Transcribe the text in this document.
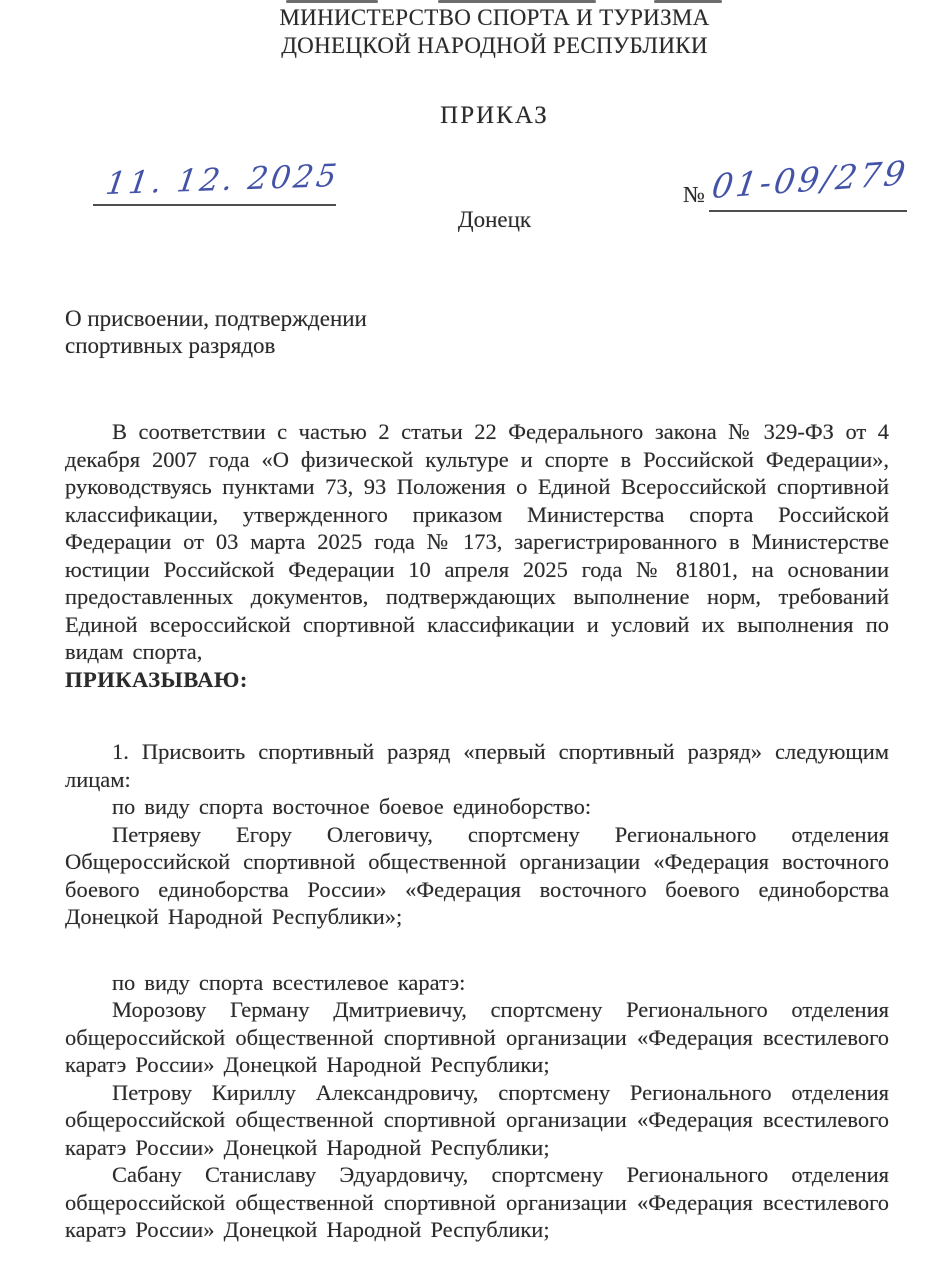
МИНИСТЕРСТВО СПОРТА И ТУРИЗМА
ДОНЕЦКОЙ НАРОДНОЙ РЕСПУБЛИКИ
ПРИКАЗ
11. 12. 2025	№ 01-09/279
Донецк
О присвоении, подтверждении
спортивных разрядов

В соответствии с частью 2 статьи 22 Федерального закона № 329-ФЗ от 4 декабря 2007 года «О физической культуре и спорте в Российской Федерации», руководствуясь пунктами 73, 93 Положения о Единой Всероссийской спортивной классификации, утвержденного приказом Министерства спорта Российской Федерации от 03 марта 2025 года № 173, зарегистрированного в Министерстве юстиции Российской Федерации 10 апреля 2025 года № 81801, на основании предоставленных документов, подтверждающих выполнение норм, требований Единой всероссийской спортивной классификации и условий их выполнения по видам спорта,

ПРИКАЗЫВАЮ:

1. Присвоить спортивный разряд «первый спортивный разряд» следующим лицам:

по виду спорта восточное боевое единоборство:

Петряеву Егору Олеговичу, спортсмену Регионального отделения Общероссийской спортивной общественной организации «Федерация восточного боевого единоборства России» «Федерация восточного боевого единоборства Донецкой Народной Республики»;

по виду спорта всестилевое каратэ:

Морозову Герману Дмитриевичу, спортсмену Регионального отделения общероссийской общественной спортивной организации «Федерация всестилевого каратэ России» Донецкой Народной Республики;

Петрову Кириллу Александровичу, спортсмену Регионального отделения общероссийской общественной спортивной организации «Федерация всестилевого каратэ России» Донецкой Народной Республики;

Сабану Станиславу Эдуардовичу, спортсмену Регионального отделения общероссийской общественной спортивной организации «Федерация всестилевого каратэ России» Донецкой Народной Республики;
